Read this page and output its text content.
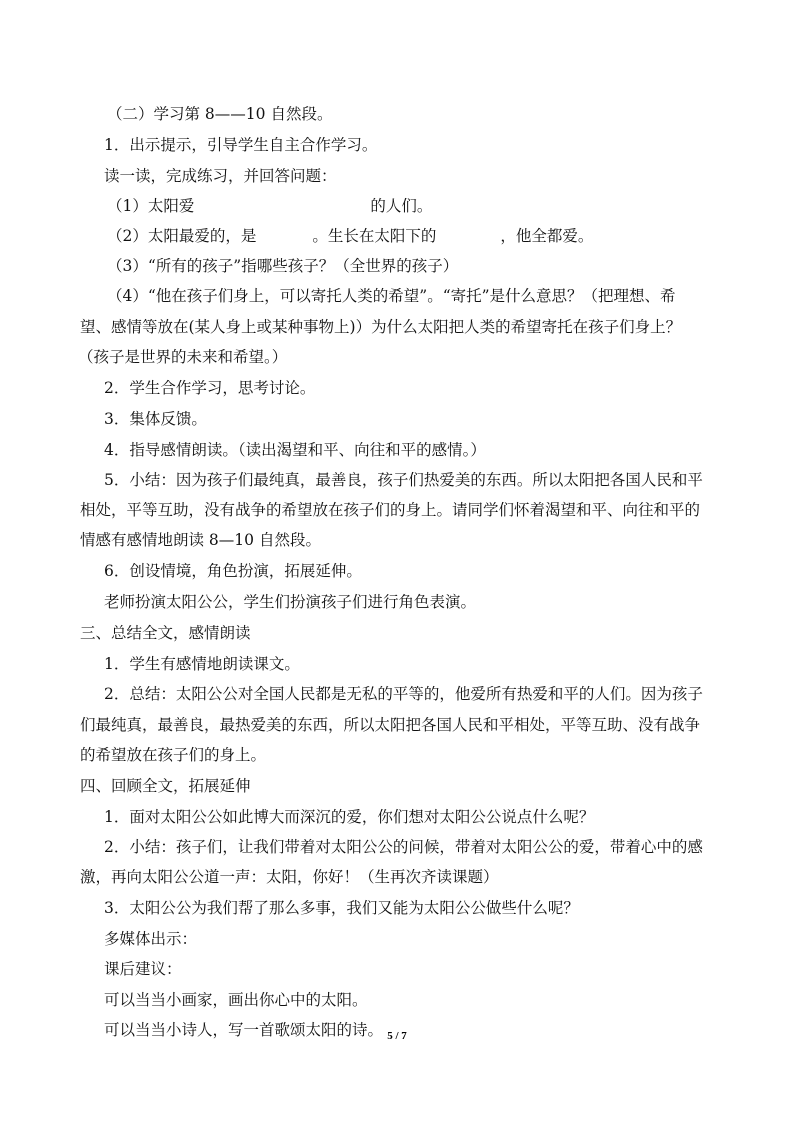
（二）学习第 8——10 自然段。
1．出示提示，引导学生自主合作学习。
读一读，完成练习，并回答问题：
（1）太阳爱	的人们。
（2）太阳最爱的，是	。生长在太阳下的	，他全都爱。
（3）“所有的孩子”指哪些孩子？（全世界的孩子）
（4）“他在孩子们身上，可以寄托人类的希望”。“寄托”是什么意思？（把理想、希
望、感情等放在(某人身上或某种事物上)）为什么太阳把人类的希望寄托在孩子们身上？
（孩子是世界的未来和希望。）
2．学生合作学习，思考讨论。
3．集体反馈。
4．指导感情朗读。（读出渴望和平、向往和平的感情。）
5．小结：因为孩子们最纯真，最善良，孩子们热爱美的东西。所以太阳把各国人民和平
相处，平等互助，没有战争的希望放在孩子们的身上。请同学们怀着渴望和平、向往和平的
情感有感情地朗读 8—10 自然段。
6．创设情境，角色扮演，拓展延伸。
老师扮演太阳公公，学生们扮演孩子们进行角色表演。
三、总结全文，感情朗读
1．学生有感情地朗读课文。
2．总结：太阳公公对全国人民都是无私的平等的，他爱所有热爱和平的人们。因为孩子
们最纯真，最善良，最热爱美的东西，所以太阳把各国人民和平相处，平等互助、没有战争
的希望放在孩子们的身上。
四、回顾全文，拓展延伸
1．面对太阳公公如此博大而深沉的爱，你们想对太阳公公说点什么呢？
2．小结：孩子们，让我们带着对太阳公公的问候，带着对太阳公公的爱，带着心中的感
激，再向太阳公公道一声：太阳，你好！（生再次齐读课题）
3．太阳公公为我们帮了那么多事，我们又能为太阳公公做些什么呢？
多媒体出示：
课后建议：
可以当当小画家，画出你心中的太阳。
可以当当小诗人，写一首歌颂太阳的诗。 5 / 7
